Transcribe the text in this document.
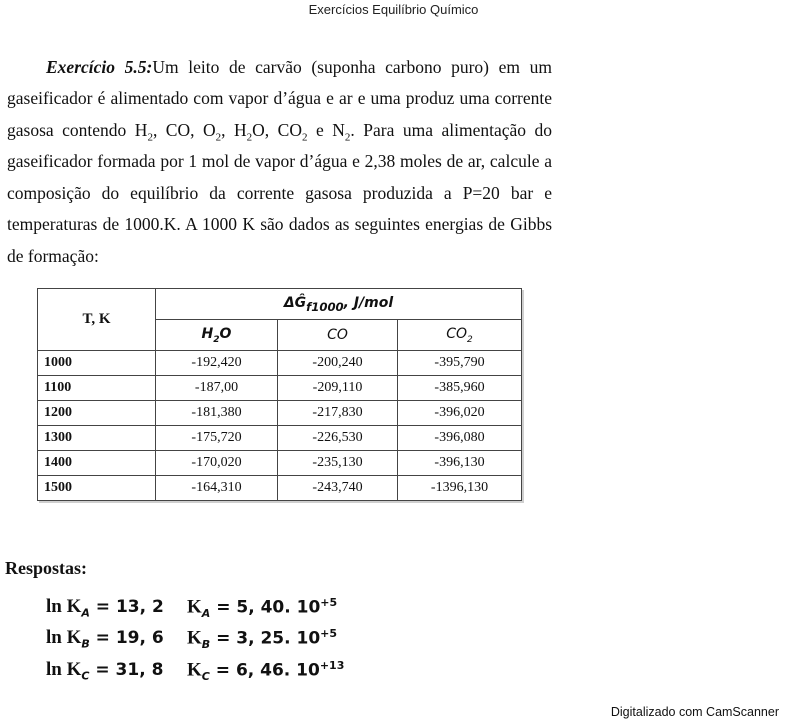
Exercícios Equilíbrio Químico

Exercício 5.5:Um leito de carvão (suponha carbono puro) em um gaseificador é alimentado com vapor d’água e ar e uma produz uma corrente gasosa contendo $H_2$, CO, $O_2$, $H_2O$, $CO_2$ e $N_2$. Para uma alimentação do gaseificador formada por 1 mol de vapor d’água e 2,38 moles de ar, calcule a composição do equilíbrio da corrente gasosa produzida a P=20 bar e temperaturas de 1000.K. A 1000 K são dados as seguintes energias de Gibbs de formação:

T, K	$\Delta Ĝ_{f1000}$, J/mol		
	$H_2O$	CO	$CO_2$
1000	-192,420	-200,240	-395,790
1100	-187,00	-209,110	-385,960
1200	-181,380	-217,830	-396,020
1300	-175,720	-226,530	-396,080
1400	-170,020	-235,130	-396,130
1500	-164,310	-243,740	-1396,130
Respostas:
$\ln K_A = 13$, 2 $K_A = 5$, 40. $10^{+5}$
$\ln K_B = 19$, 6 $K_B = 3$, 25. $10^{+5}$
$\ln K_C = 31$, 8 $K_C = 6$, 46. $10^{+13}$
Digitalizado com CamScanner
